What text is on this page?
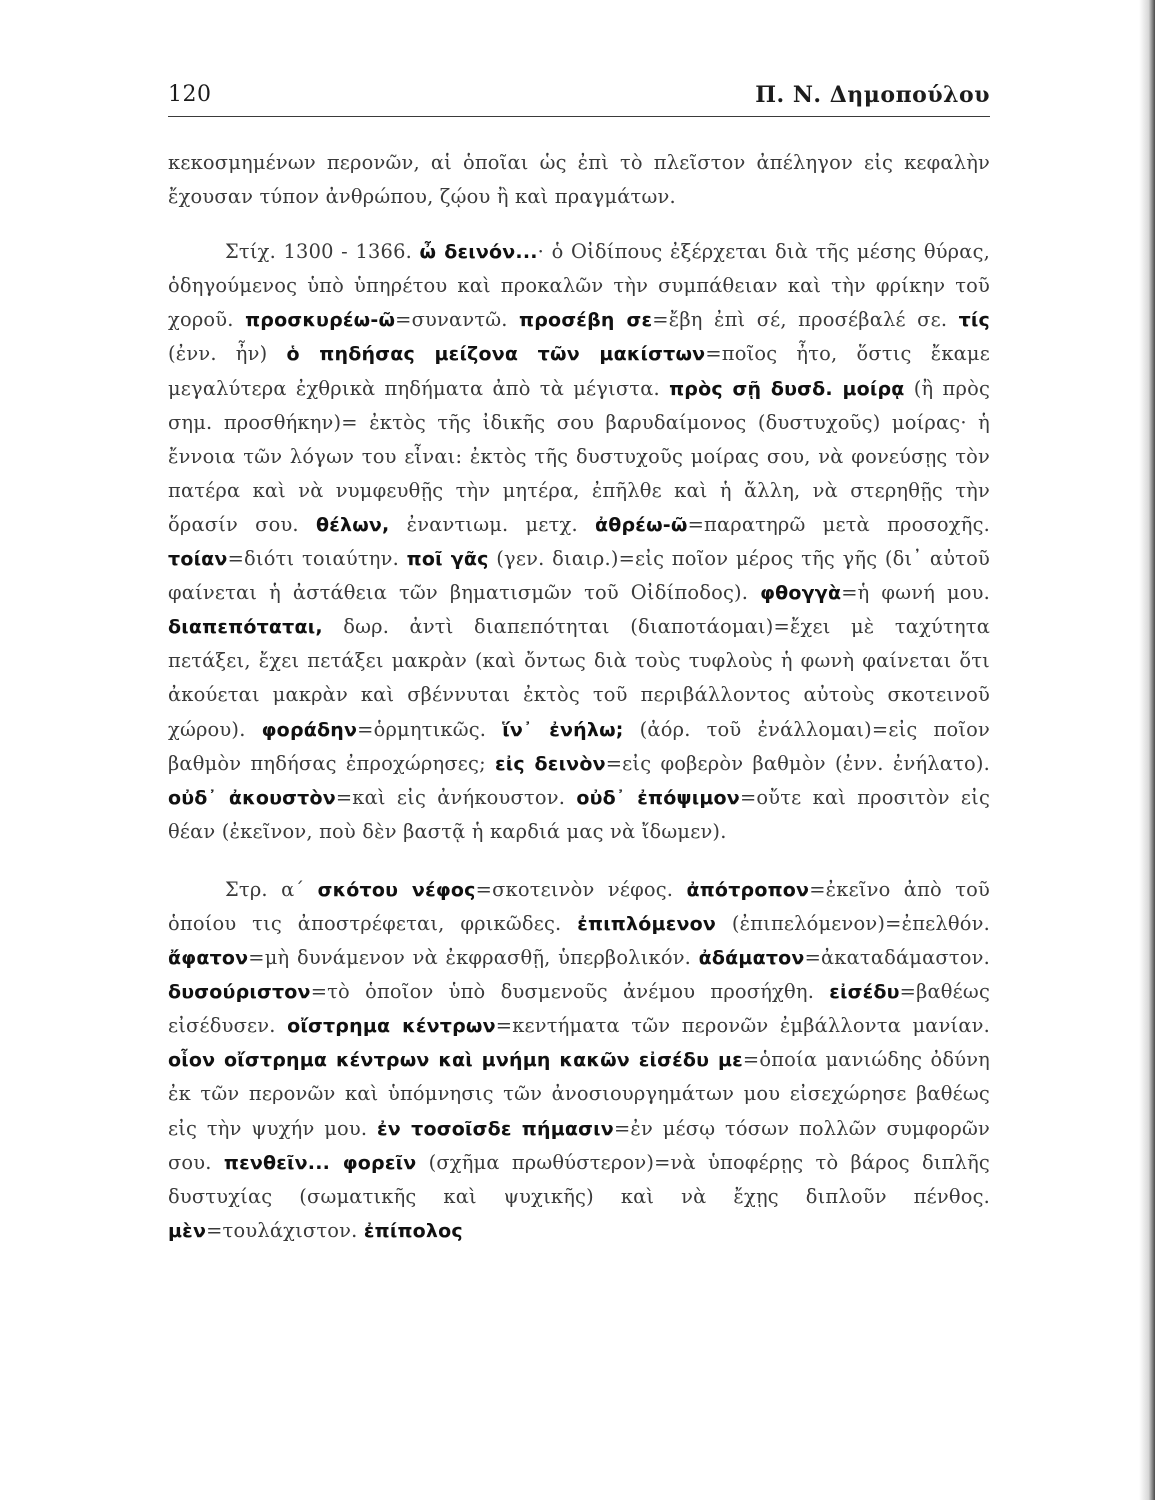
120	Π. Ν. Δημοπούλου

κεκοσμημένων περονῶν, αἱ ὁποῖαι ὡς ἐπὶ τὸ πλεῖστον ἀπέληγον εἰς κεφαλὴν ἔχουσαν τύπον ἀνθρώπου, ζῴου ἢ καὶ πραγμάτων.

Στίχ. 1300 - 1366. ὦ δεινόν...· ὁ Οἰδίπους ἐξέρχεται διὰ τῆς μέσης θύρας, ὁδηγούμενος ὑπὸ ὑπηρέτου καὶ προκαλῶν τὴν συμπάθειαν καὶ τὴν φρίκην τοῦ χοροῦ. προσκυρέω-ῶ=συναντῶ. προσέβη σε=ἔβη ἐπὶ σέ, προσέβαλέ σε. τίς (ἐνν. ἦν) ὁ πηδήσας μείζονα τῶν μακίστων=ποῖος ἦτο, ὅστις ἔκαμε μεγαλύτερα ἐχθρικὰ πηδήματα ἀπὸ τὰ μέγιστα. πρὸς σῇ δυσδ. μοίρᾳ (ἢ πρὸς σημ. προσθήκην)= ἐκτὸς τῆς ἰδικῆς σου βαρυδαίμονος (δυστυχοῦς) μοίρας· ἡ ἔννοια τῶν λόγων του εἶναι: ἐκτὸς τῆς δυστυχοῦς μοίρας σου, νὰ φονεύσῃς τὸν πατέρα καὶ νὰ νυμφευθῇς τὴν μητέρα, ἐπῆλθε καὶ ἡ ἄλλη, νὰ στερηθῇς τὴν ὅρασίν σου. θέλων, ἐναντιωμ. μετχ. ἀθρέω-ῶ=παρατηρῶ μετὰ προσοχῆς. τοίαν=διότι τοιαύτην. ποῖ γᾶς (γεν. διαιρ.)=εἰς ποῖον μέρος τῆς γῆς (δι᾽ αὐτοῦ φαίνεται ἡ ἀστάθεια τῶν βηματισμῶν τοῦ Οἰδίποδος). φθογγὰ=ἡ φωνή μου. διαπεπόταται, δωρ. ἀντὶ διαπεπότηται (διαποτάομαι)=ἔχει μὲ ταχύτητα πετάξει, ἔχει πετάξει μακρὰν (καὶ ὄντως διὰ τοὺς τυφλοὺς ἡ φωνὴ φαίνεται ὅτι ἀκούεται μακρὰν καὶ σβέννυται ἐκτὸς τοῦ περιβάλλοντος αὐτοὺς σκοτεινοῦ χώρου). φοράδην=ὁρμητικῶς. ἵν᾽ ἐνήλω; (ἀόρ. τοῦ ἐνάλλομαι)=εἰς ποῖον βαθμὸν πηδήσας ἐπροχώρησες; εἰς δεινὸν=εἰς φοβερὸν βαθμὸν (ἐνν. ἐνήλατο). οὐδ᾽ ἀκουστὸν=καὶ εἰς ἀνήκουστον. οὐδ᾽ ἐπόψιμον=οὔτε καὶ προσιτὸν εἰς θέαν (ἐκεῖνον, ποὺ δὲν βαστᾷ ἡ καρδιά μας νὰ ἴδωμεν).

Στρ. α´ σκότου νέφος=σκοτεινὸν νέφος. ἀπότροπον=ἐκεῖνο ἀπὸ τοῦ ὁποίου τις ἀποστρέφεται, φρικῶδες. ἐπιπλόμενον (ἐπιπελόμενον)=ἐπελθόν. ἄφατον=μὴ δυνάμενον νὰ ἐκφρασθῇ, ὑπερβολικόν. ἀδάματον=ἀκαταδάμαστον. δυσούριστον=τὸ ὁποῖον ὑπὸ δυσμενοῦς ἀνέμου προσήχθη. εἰσέδυ=βαθέως εἰσέδυσεν. οἴστρημα κέντρων=κεντήματα τῶν περονῶν ἐμβάλλοντα μανίαν. οἷον οἴστρημα κέντρων καὶ μνήμη κακῶν εἰσέδυ με=ὁποία μανιώδης ὀδύνη ἐκ τῶν περονῶν καὶ ὑπόμνησις τῶν ἀνοσιουργημάτων μου εἰσεχώρησε βαθέως εἰς τὴν ψυχήν μου. ἐν τοσοῖσδε πήμασιν=ἐν μέσῳ τόσων πολλῶν συμφορῶν σου. πενθεῖν... φορεῖν (σχῆμα πρωθύστερον)=νὰ ὑποφέρῃς τὸ βάρος διπλῆς δυστυχίας (σωματικῆς καὶ ψυχικῆς) καὶ νὰ ἔχῃς διπλοῦν πένθος. μὲν=τουλάχιστον. ἐπίπολος
